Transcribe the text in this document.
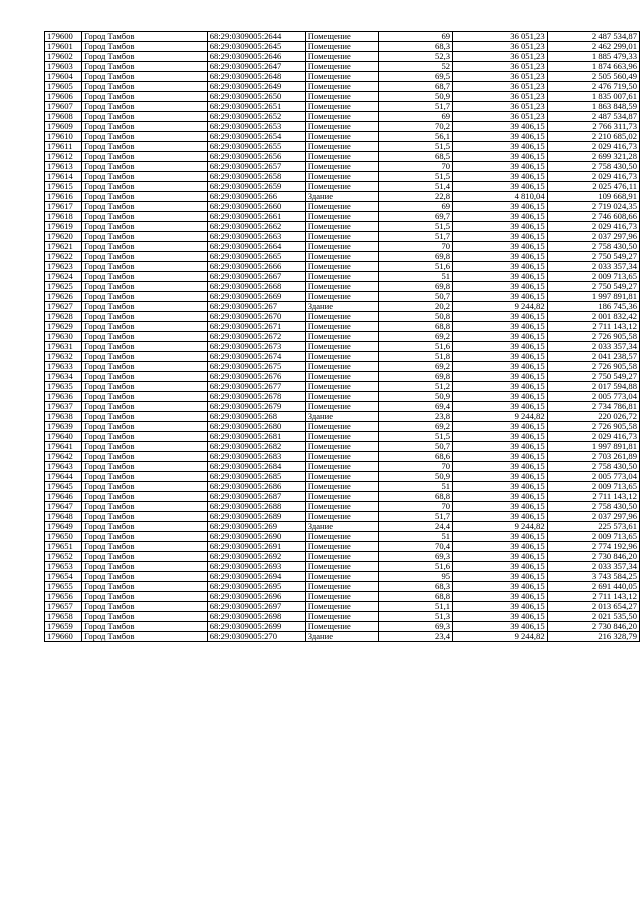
179600	Город Тамбов	68:29:0309005:2644	Помещение	69	36 051,23	2 487 534,87
179601	Город Тамбов	68:29:0309005:2645	Помещение	68,3	36 051,23	2 462 299,01
179602	Город Тамбов	68:29:0309005:2646	Помещение	52,3	36 051,23	1 885 479,33
179603	Город Тамбов	68:29:0309005:2647	Помещение	52	36 051,23	1 874 663,96
179604	Город Тамбов	68:29:0309005:2648	Помещение	69,5	36 051,23	2 505 560,49
179605	Город Тамбов	68:29:0309005:2649	Помещение	68,7	36 051,23	2 476 719,50
179606	Город Тамбов	68:29:0309005:2650	Помещение	50,9	36 051,23	1 835 007,61
179607	Город Тамбов	68:29:0309005:2651	Помещение	51,7	36 051,23	1 863 848,59
179608	Город Тамбов	68:29:0309005:2652	Помещение	69	36 051,23	2 487 534,87
179609	Город Тамбов	68:29:0309005:2653	Помещение	70,2	39 406,15	2 766 311,73
179610	Город Тамбов	68:29:0309005:2654	Помещение	56,1	39 406,15	2 210 685,02
179611	Город Тамбов	68:29:0309005:2655	Помещение	51,5	39 406,15	2 029 416,73
179612	Город Тамбов	68:29:0309005:2656	Помещение	68,5	39 406,15	2 699 321,28
179613	Город Тамбов	68:29:0309005:2657	Помещение	70	39 406,15	2 758 430,50
179614	Город Тамбов	68:29:0309005:2658	Помещение	51,5	39 406,15	2 029 416,73
179615	Город Тамбов	68:29:0309005:2659	Помещение	51,4	39 406,15	2 025 476,11
179616	Город Тамбов	68:29:0309005:266	Здание	22,8	4 810,04	109 668,91
179617	Город Тамбов	68:29:0309005:2660	Помещение	69	39 406,15	2 719 024,35
179618	Город Тамбов	68:29:0309005:2661	Помещение	69,7	39 406,15	2 746 608,66
179619	Город Тамбов	68:29:0309005:2662	Помещение	51,5	39 406,15	2 029 416,73
179620	Город Тамбов	68:29:0309005:2663	Помещение	51,7	39 406,15	2 037 297,96
179621	Город Тамбов	68:29:0309005:2664	Помещение	70	39 406,15	2 758 430,50
179622	Город Тамбов	68:29:0309005:2665	Помещение	69,8	39 406,15	2 750 549,27
179623	Город Тамбов	68:29:0309005:2666	Помещение	51,6	39 406,15	2 033 357,34
179624	Город Тамбов	68:29:0309005:2667	Помещение	51	39 406,15	2 009 713,65
179625	Город Тамбов	68:29:0309005:2668	Помещение	69,8	39 406,15	2 750 549,27
179626	Город Тамбов	68:29:0309005:2669	Помещение	50,7	39 406,15	1 997 891,81
179627	Город Тамбов	68:29:0309005:267	Здание	20,2	9 244,82	186 745,36
179628	Город Тамбов	68:29:0309005:2670	Помещение	50,8	39 406,15	2 001 832,42
179629	Город Тамбов	68:29:0309005:2671	Помещение	68,8	39 406,15	2 711 143,12
179630	Город Тамбов	68:29:0309005:2672	Помещение	69,2	39 406,15	2 726 905,58
179631	Город Тамбов	68:29:0309005:2673	Помещение	51,6	39 406,15	2 033 357,34
179632	Город Тамбов	68:29:0309005:2674	Помещение	51,8	39 406,15	2 041 238,57
179633	Город Тамбов	68:29:0309005:2675	Помещение	69,2	39 406,15	2 726 905,58
179634	Город Тамбов	68:29:0309005:2676	Помещение	69,8	39 406,15	2 750 549,27
179635	Город Тамбов	68:29:0309005:2677	Помещение	51,2	39 406,15	2 017 594,88
179636	Город Тамбов	68:29:0309005:2678	Помещение	50,9	39 406,15	2 005 773,04
179637	Город Тамбов	68:29:0309005:2679	Помещение	69,4	39 406,15	2 734 786,81
179638	Город Тамбов	68:29:0309005:268	Здание	23,8	9 244,82	220 026,72
179639	Город Тамбов	68:29:0309005:2680	Помещение	69,2	39 406,15	2 726 905,58
179640	Город Тамбов	68:29:0309005:2681	Помещение	51,5	39 406,15	2 029 416,73
179641	Город Тамбов	68:29:0309005:2682	Помещение	50,7	39 406,15	1 997 891,81
179642	Город Тамбов	68:29:0309005:2683	Помещение	68,6	39 406,15	2 703 261,89
179643	Город Тамбов	68:29:0309005:2684	Помещение	70	39 406,15	2 758 430,50
179644	Город Тамбов	68:29:0309005:2685	Помещение	50,9	39 406,15	2 005 773,04
179645	Город Тамбов	68:29:0309005:2686	Помещение	51	39 406,15	2 009 713,65
179646	Город Тамбов	68:29:0309005:2687	Помещение	68,8	39 406,15	2 711 143,12
179647	Город Тамбов	68:29:0309005:2688	Помещение	70	39 406,15	2 758 430,50
179648	Город Тамбов	68:29:0309005:2689	Помещение	51,7	39 406,15	2 037 297,96
179649	Город Тамбов	68:29:0309005:269	Здание	24,4	9 244,82	225 573,61
179650	Город Тамбов	68:29:0309005:2690	Помещение	51	39 406,15	2 009 713,65
179651	Город Тамбов	68:29:0309005:2691	Помещение	70,4	39 406,15	2 774 192,96
179652	Город Тамбов	68:29:0309005:2692	Помещение	69,3	39 406,15	2 730 846,20
179653	Город Тамбов	68:29:0309005:2693	Помещение	51,6	39 406,15	2 033 357,34
179654	Город Тамбов	68:29:0309005:2694	Помещение	95	39 406,15	3 743 584,25
179655	Город Тамбов	68:29:0309005:2695	Помещение	68,3	39 406,15	2 691 440,05
179656	Город Тамбов	68:29:0309005:2696	Помещение	68,8	39 406,15	2 711 143,12
179657	Город Тамбов	68:29:0309005:2697	Помещение	51,1	39 406,15	2 013 654,27
179658	Город Тамбов	68:29:0309005:2698	Помещение	51,3	39 406,15	2 021 535,50
179659	Город Тамбов	68:29:0309005:2699	Помещение	69,3	39 406,15	2 730 846,20
179660	Город Тамбов	68:29:0309005:270	Здание	23,4	9 244,82	216 328,79
